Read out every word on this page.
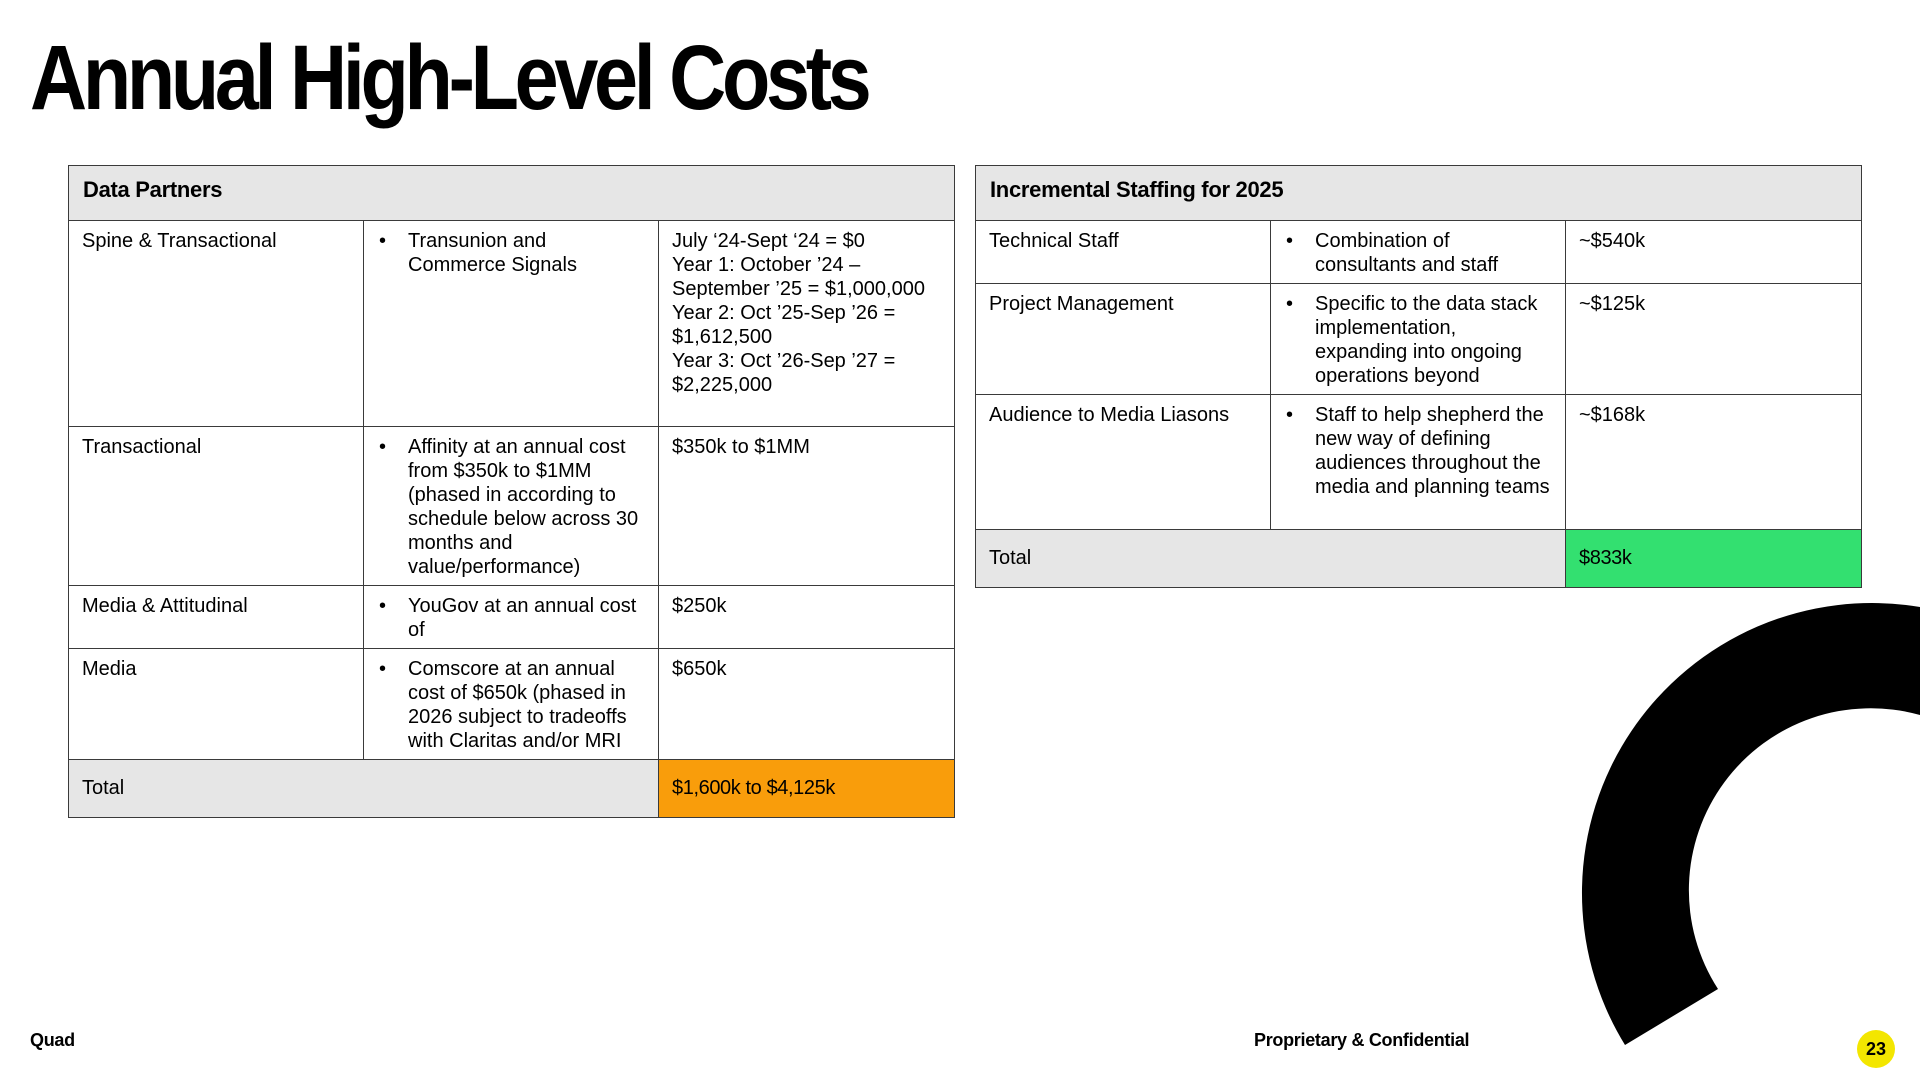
Annual High-Level Costs
Data Partners		
Spine & Transactional	• Transunion and Commerce Signals	July ‘24-Sept ‘24 = $0
Year 1: October ’24 – September ’25 = $1,000,000
Year 2: Oct ’25-Sep ’26 = $1,612,500
Year 3: Oct ’26-Sep ’27 = $2,225,000
Transactional	• Affinity at an annual cost from $350k to $1MM (phased in according to schedule below across 30 months and value/performance)	$350k to $1MM
Media & Attitudinal	• YouGov at an annual cost of	$250k
Media	• Comscore at an annual cost of $650k (phased in 2026 subject to tradeoffs with Claritas and/or MRI	$650k
Total		$1,600k to $4,125k
Incremental Staffing for 2025		
Technical Staff	• Combination of consultants and staff	~$540k
Project Management	• Specific to the data stack implementation, expanding into ongoing operations beyond	~$125k
Audience to Media Liasons	• Staff to help shepherd the new way of defining audiences throughout the media and planning teams	~$168k
Total		$833k
Quad	Proprietary & Confidential	23
